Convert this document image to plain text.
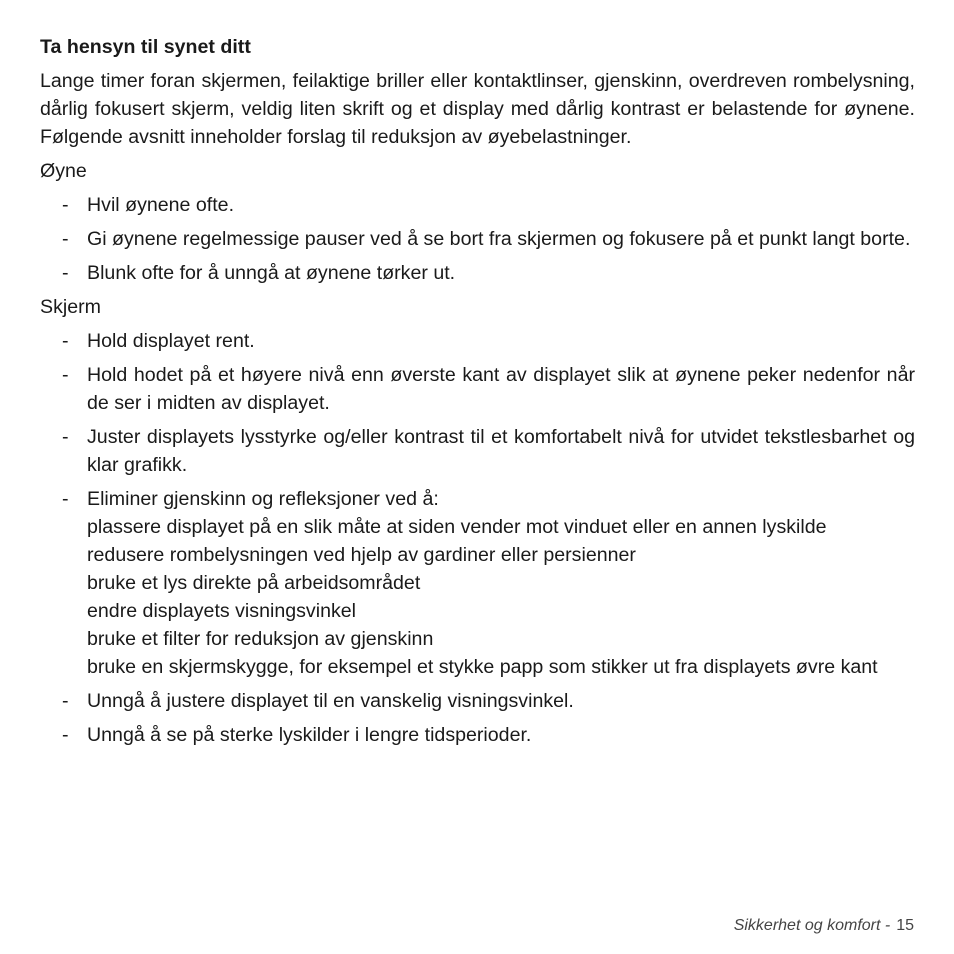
Ta hensyn til synet ditt

Lange timer foran skjermen, feilaktige briller eller kontaktlinser, gjenskinn, overdreven rombelysning, dårlig fokusert skjerm, veldig liten skrift og et display med dårlig kontrast er belastende for øynene. Følgende avsnitt inneholder forslag til reduksjon av øyebelastninger.

Øyne
- Hvil øynene ofte.
- Gi øynene regelmessige pauser ved å se bort fra skjermen og fokusere på et punkt langt borte.
- Blunk ofte for å unngå at øynene tørker ut.
Skjerm
- Hold displayet rent.
- Hold hodet på et høyere nivå enn øverste kant av displayet slik at øynene peker nedenfor når de ser i midten av displayet.
- Juster displayets lysstyrke og/eller kontrast til et komfortabelt nivå for utvidet tekstlesbarhet og klar grafikk.
- Eliminer gjenskinn og refleksjoner ved å:
plassere displayet på en slik måte at siden vender mot vinduet eller en annen lyskilde
redusere rombelysningen ved hjelp av gardiner eller persienner
bruke et lys direkte på arbeidsområdet
endre displayets visningsvinkel
bruke et filter for reduksjon av gjenskinn
bruke en skjermskygge, for eksempel et stykke papp som stikker ut fra displayets øvre kant
- Unngå å justere displayet til en vanskelig visningsvinkel.
- Unngå å se på sterke lyskilder i lengre tidsperioder.
Sikkerhet og komfort - 15
